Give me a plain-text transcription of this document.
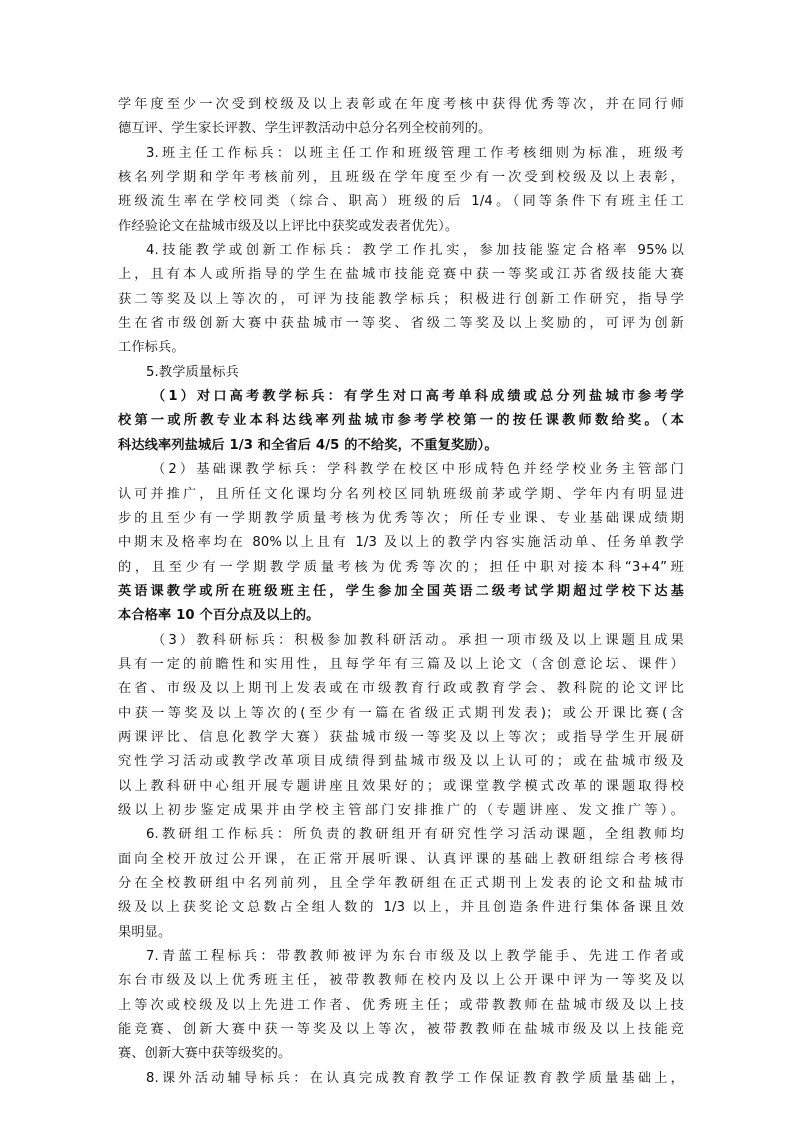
学年度至少一次受到校级及以上表彰或在年度考核中获得优秀等次，并在同行师
德互评、学生家长评教、学生评教活动中总分名列全校前列的。
3.班主任工作标兵：以班主任工作和班级管理工作考核细则为标准，班级考
核名列学期和学年考核前列，且班级在学年度至少有一次受到校级及以上表彰，
班级流生率在学校同类（综合、职高）班级的后 1/4。（同等条件下有班主任工
作经验论文在盐城市级及以上评比中获奖或发表者优先）。
4.技能教学或创新工作标兵：教学工作扎实，参加技能鉴定合格率 95%以
上，且有本人或所指导的学生在盐城市技能竞赛中获一等奖或江苏省级技能大赛
获二等奖及以上等次的，可评为技能教学标兵；积极进行创新工作研究，指导学
生在省市级创新大赛中获盐城市一等奖、省级二等奖及以上奖励的，可评为创新
工作标兵。
5.教学质量标兵
（1）对口高考教学标兵：有学生对口高考单科成绩或总分列盐城市参考学
校第一或所教专业本科达线率列盐城市参考学校第一的按任课教师数给奖。（本
科达线率列盐城后 1/3 和全省后 4/5 的不给奖，不重复奖励）。
（2）基础课教学标兵：学科教学在校区中形成特色并经学校业务主管部门
认可并推广，且所任文化课均分名列校区同轨班级前茅或学期、学年内有明显进
步的且至少有一学期教学质量考核为优秀等次；所任专业课、专业基础课成绩期
中期末及格率均在 80%以上且有 1/3 及以上的教学内容实施活动单、任务单教学
的，且至少有一学期教学质量考核为优秀等次的；担任中职对接本科“3+4”班
英语课教学或所在班级班主任，学生参加全国英语二级考试学期超过学校下达基
本合格率 10 个百分点及以上的。
（3）教科研标兵：积极参加教科研活动。承担一项市级及以上课题且成果
具有一定的前瞻性和实用性，且每学年有三篇及以上论文（含创意论坛、课件）
在省、市级及以上期刊上发表或在市级教育行政或教育学会、教科院的论文评比
中获一等奖及以上等次的(至少有一篇在省级正式期刊发表)；或公开课比赛(含
两课评比、信息化教学大赛）获盐城市级一等奖及以上等次；或指导学生开展研
究性学习活动或教学改革项目成绩得到盐城市级及以上认可的；或在盐城市级及
以上教科研中心组开展专题讲座且效果好的；或课堂教学模式改革的课题取得校
级以上初步鉴定成果并由学校主管部门安排推广的（专题讲座、发文推广等）。
6.教研组工作标兵：所负责的教研组开有研究性学习活动课题，全组教师均
面向全校开放过公开课，在正常开展听课、认真评课的基础上教研组综合考核得
分在全校教研组中名列前列，且全学年教研组在正式期刊上发表的论文和盐城市
级及以上获奖论文总数占全组人数的 1/3 以上，并且创造条件进行集体备课且效
果明显。
7.青蓝工程标兵：带教教师被评为东台市级及以上教学能手、先进工作者或
东台市级及以上优秀班主任，被带教教师在校内及以上公开课中评为一等奖及以
上等次或校级及以上先进工作者、优秀班主任；或带教教师在盐城市级及以上技
能竞赛、创新大赛中获一等奖及以上等次，被带教教师在盐城市级及以上技能竞
赛、创新大赛中获等级奖的。
8.课外活动辅导标兵：在认真完成教育教学工作保证教育教学质量基础上，
